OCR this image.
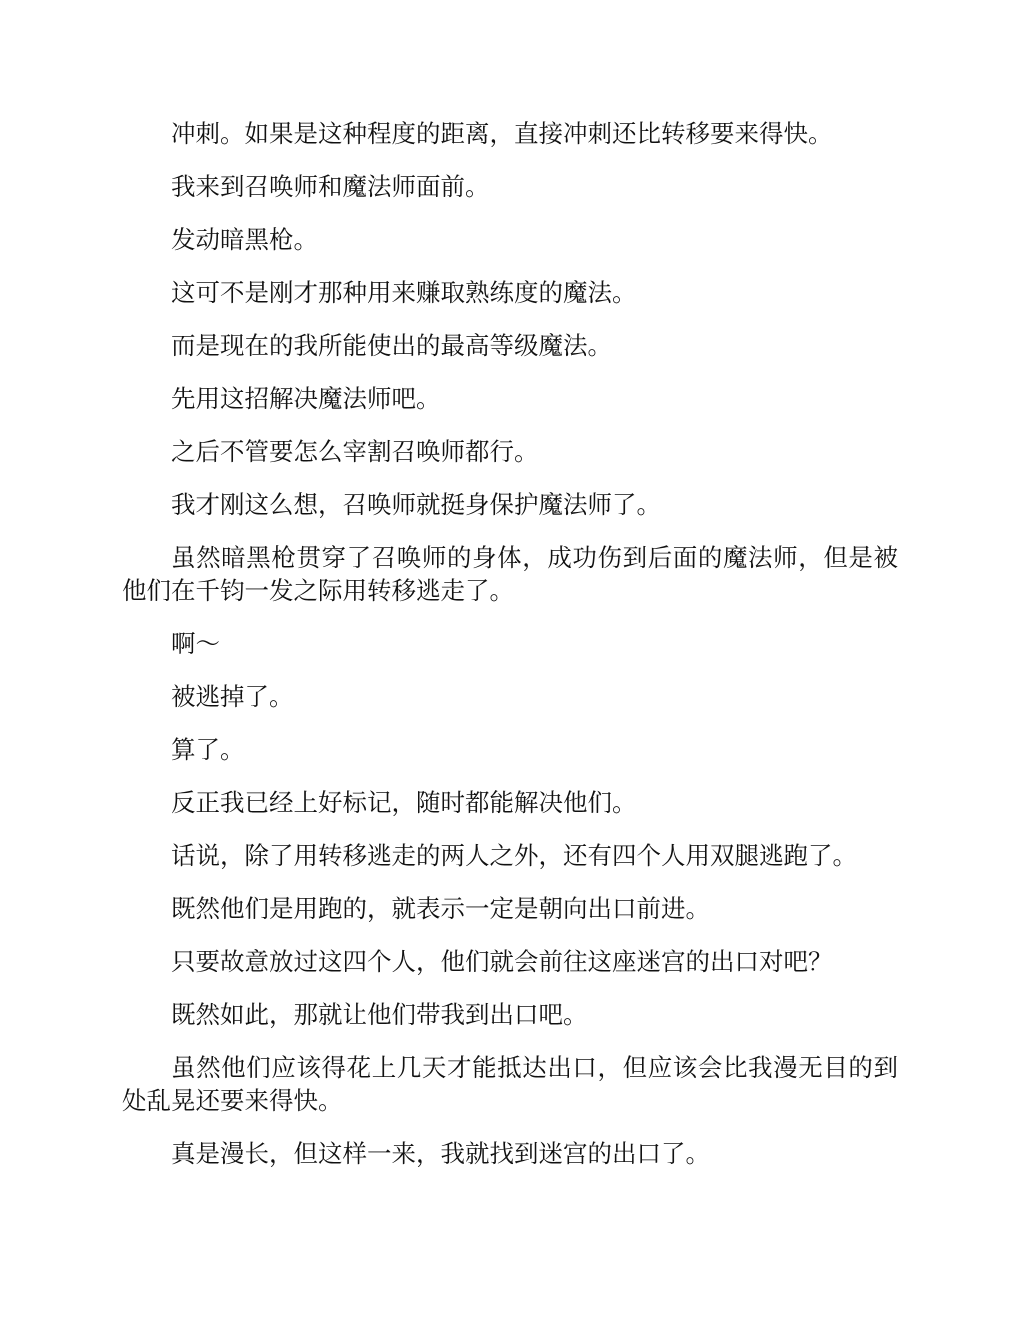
冲刺。如果是这种程度的距离，直接冲刺还比转移要来得快。

我来到召唤师和魔法师面前。

发动暗黑枪。

这可不是刚才那种用来赚取熟练度的魔法。

而是现在的我所能使出的最高等级魔法。

先用这招解决魔法师吧。

之后不管要怎么宰割召唤师都行。

我才刚这么想，召唤师就挺身保护魔法师了。

虽然暗黑枪贯穿了召唤师的身体，成功伤到后面的魔法师，但是被他们在千钧一发之际用转移逃走了。

啊～

被逃掉了。

算了。

反正我已经上好标记，随时都能解决他们。

话说，除了用转移逃走的两人之外，还有四个人用双腿逃跑了。

既然他们是用跑的，就表示一定是朝向出口前进。

只要故意放过这四个人，他们就会前往这座迷宫的出口对吧？

既然如此，那就让他们带我到出口吧。

虽然他们应该得花上几天才能抵达出口，但应该会比我漫无目的到处乱晃还要来得快。

真是漫长，但这样一来，我就找到迷宫的出口了。
